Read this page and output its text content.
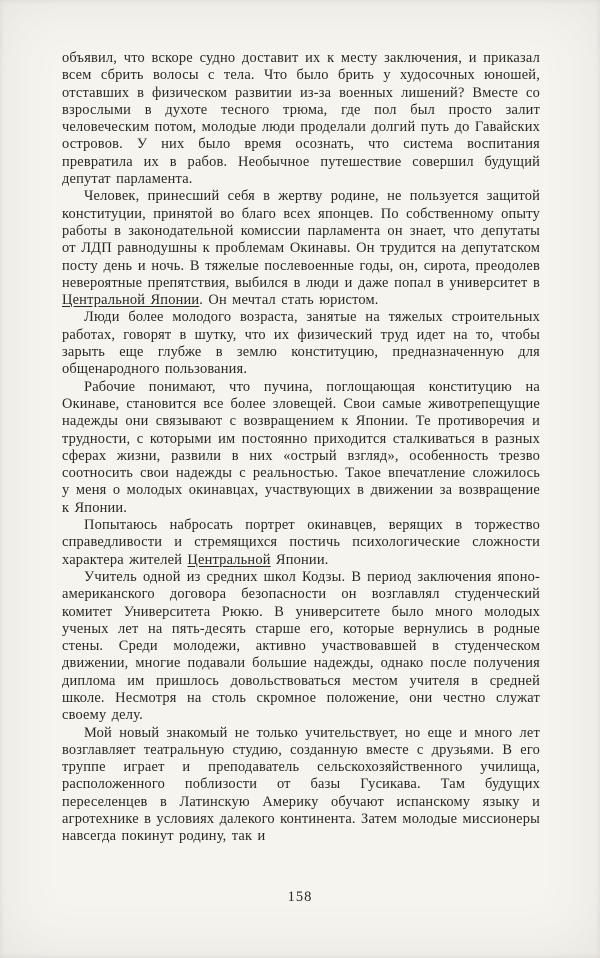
объявил, что вскоре судно доставит их к месту заключения, и приказал всем сбрить волосы с тела. Что было брить у худосочных юношей, отставших в физическом развитии из-за военных лишений? Вместе со взрослыми в духоте тесного трюма, где пол был просто залит человеческим потом, молодые люди проделали долгий путь до Гавайских островов. У них было время осознать, что система воспитания превратила их в рабов. Необычное путешествие совершил будущий депутат парламента.

Человек, принесший себя в жертву родине, не пользуется защитой конституции, принятой во благо всех японцев. По собственному опыту работы в законодательной комиссии парламента он знает, что депутаты от ЛДП равнодушны к проблемам Окинавы. Он трудится на депутатском посту день и ночь. В тяжелые послевоенные годы, он, сирота, преодолев невероятные препятствия, выбился в люди и даже попал в университет в Центральной Японии. Он мечтал стать юристом.

Люди более молодого возраста, занятые на тяжелых строительных работах, говорят в шутку, что их физический труд идет на то, чтобы зарыть еще глубже в землю конституцию, предназначенную для общенародного пользования.

Рабочие понимают, что пучина, поглощающая конституцию на Окинаве, становится все более зловещей. Свои самые животрепещущие надежды они связывают с возвращением к Японии. Те противоречия и трудности, с которыми им постоянно приходится сталкиваться в разных сферах жизни, развили в них «острый взгляд», особенность трезво соотносить свои надежды с реальностью. Такое впечатление сложилось у меня о молодых окинавцах, участвующих в движении за возвращение к Японии.

Попытаюсь набросать портрет окинавцев, верящих в торжество справедливости и стремящихся постичь психологические сложности характера жителей Центральной Японии.

Учитель одной из средних школ Кодзы. В период заключения японо-американского договора безопасности он возглавлял студенческий комитет Университета Рюкю. В университете было много молодых ученых лет на пять-десять старше его, которые вернулись в родные стены. Среди молодежи, активно участвовавшей в студенческом движении, многие подавали большие надежды, однако после получения диплома им пришлось довольствоваться местом учителя в средней школе. Несмотря на столь скромное положение, они честно служат своему делу.

Мой новый знакомый не только учительствует, но еще и много лет возглавляет театральную студию, созданную вместе с друзьями. В его труппе играет и преподаватель сельскохозяйственного училища, расположенного поблизости от базы Гусикава. Там будущих переселенцев в Латинскую Америку обучают испанскому языку и агротехнике в условиях далекого континента. Затем молодые миссионеры навсегда покинут родину, так и

158
